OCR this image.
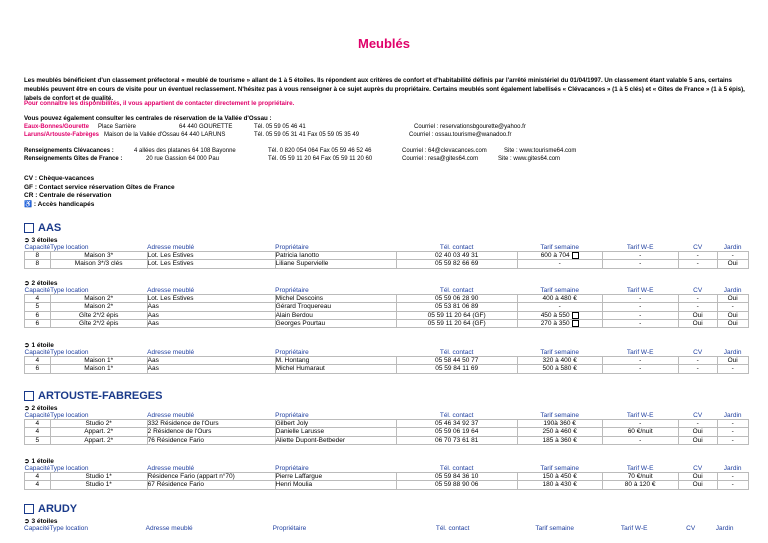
Meublés
Les meublés bénéficient d'un classement préfectoral « meublé de tourisme » allant de 1 à 5 étoiles. Ils répondent aux critères de confort et d'habitabilité définis par l'arrêté ministériel du 01/04/1997. Un classement étant valable 5 ans, certains meublés peuvent être en cours de visite pour un éventuel reclassement. N'hésitez pas à vous renseigner à ce sujet auprès du propriétaire. Certains meublés sont également labellisés « Clévacances » (1 à 5 clés) et « Gîtes de France » (1 à 5 épis), labels de confort et de qualité.
Pour connaître les disponibilités, il vous appartient de contacter directement le propriétaire.
Vous pouvez également consulter les centrales de réservation de la Vallée d'Ossau :
Eaux-Bonnes/Gourette Place Sarrière	64 440 GOURETTE	Tél. 05 59 05 46 41	Courriel : reservationsbgourette@yahoo.fr
Laruns/Artouste-Fabrèges Maison de la Vallée d'Ossau 64 440 LARUNS	Tél. 05 59 05 31 41 Fax 05 59 05 35 49	Courriel : ossau.tourisme@wanadoo.fr
Renseignements Clévacances :	4 allées des platanes 64 108 Bayonne	Tél. 0 820 054 064 Fax 05 59 46 52 46	Courriel : 64@clevacances.com	Site : www.tourisme64.com
Renseignements Gîtes de France :	20 rue Gassion 64 000 Pau	Tél. 05 59 11 20 64 Fax 05 59 11 20 60	Courriel : resa@gites64.com	Site : www.gites64.com
CV : Chèque-vacances
GF : Contact service réservation Gîtes de France
CR : Centrale de réservation
♿ : Accès handicapés
AAS
➲ 3 étoiles
Capacité	Type location	Adresse meublé	Propriétaire	Tél. contact	Tarif semaine	Tarif W-E	CV	Jardin
8	Maison 3*	Lot. Les Estives	Patricia Ianotto	02 40 03 49 31	600 à 704	-	-	-
8	Maison 3*/3 clés	Lot. Les Estives	Liliane Supervielle	05 59 82 66 69	-	-	-	Oui
➲ 2 étoiles
Capacité	Type location	Adresse meublé	Propriétaire	Tél. contact	Tarif semaine	Tarif W-E	CV	Jardin
4	Maison 2*	Lot. Les Estives	Michel Descoins	05 59 06 28 90	400 à 480 €	-	-	Oui
5	Maison 2*	Aas	Gérard Troquereau	05 53 81 06 89	-	-	-	-
6	Gîte 2*/2 épis	Aas	Alain Berdou	05 59 11 20 64 (GF)	450 à 550	-	Oui	Oui
6	Gîte 2*/2 épis	Aas	Georges Pourtau	05 59 11 20 64 (GF)	270 à 350	-	Oui	Oui
➲ 1 étoile
Capacité	Type location	Adresse meublé	Propriétaire	Tél. contact	Tarif semaine	Tarif W-E	CV	Jardin
4	Maison 1*	Aas	M. Hontang	05 58 44 50 77	320 à 400 €	-	-	Oui
6	Maison 1*	Aas	Michel Humaraut	05 59 84 11 69	500 à 580 €	-	-	-
ARTOUSTE-FABREGES
➲ 2 étoiles
Capacité	Type location	Adresse meublé	Propriétaire	Tél. contact	Tarif semaine	Tarif W-E	CV	Jardin
4	Studio 2*	332 Résidence de l'Ours	Gilbert Joly	05 46 34 92 37	190à 360 €	-	-	-
4	Appart. 2*	2 Résidence de l'Ours	Danielle Larusse	05 59 06 19 64	250 à 460 €	60 €/nuit	Oui	-
5	Appart. 2*	76 Résidence Fario	Aliette Dupont-Betbeder	06 70 73 61 81	185 à 360 €	-	Oui	-
➲ 1 étoile
Capacité	Type location	Adresse meublé	Propriétaire	Tél. contact	Tarif semaine	Tarif W-E	CV	Jardin
4	Studio 1*	Résidence Fario (appart n°70)	Pierre Laffargue	05 59 84 36 10	150 à 450 €	70 €/nuit	Oui	-
4	Studio 1*	67 Résidence Fario	Henri Moulia	05 59 88 90 06	180 à 430 €	80 à 120 €	Oui	-
ARUDY
➲ 3 étoiles
Capacité	Type location	Adresse meublé	Propriétaire	Tél. contact	Tarif semaine	Tarif W-E	CV	Jardin
